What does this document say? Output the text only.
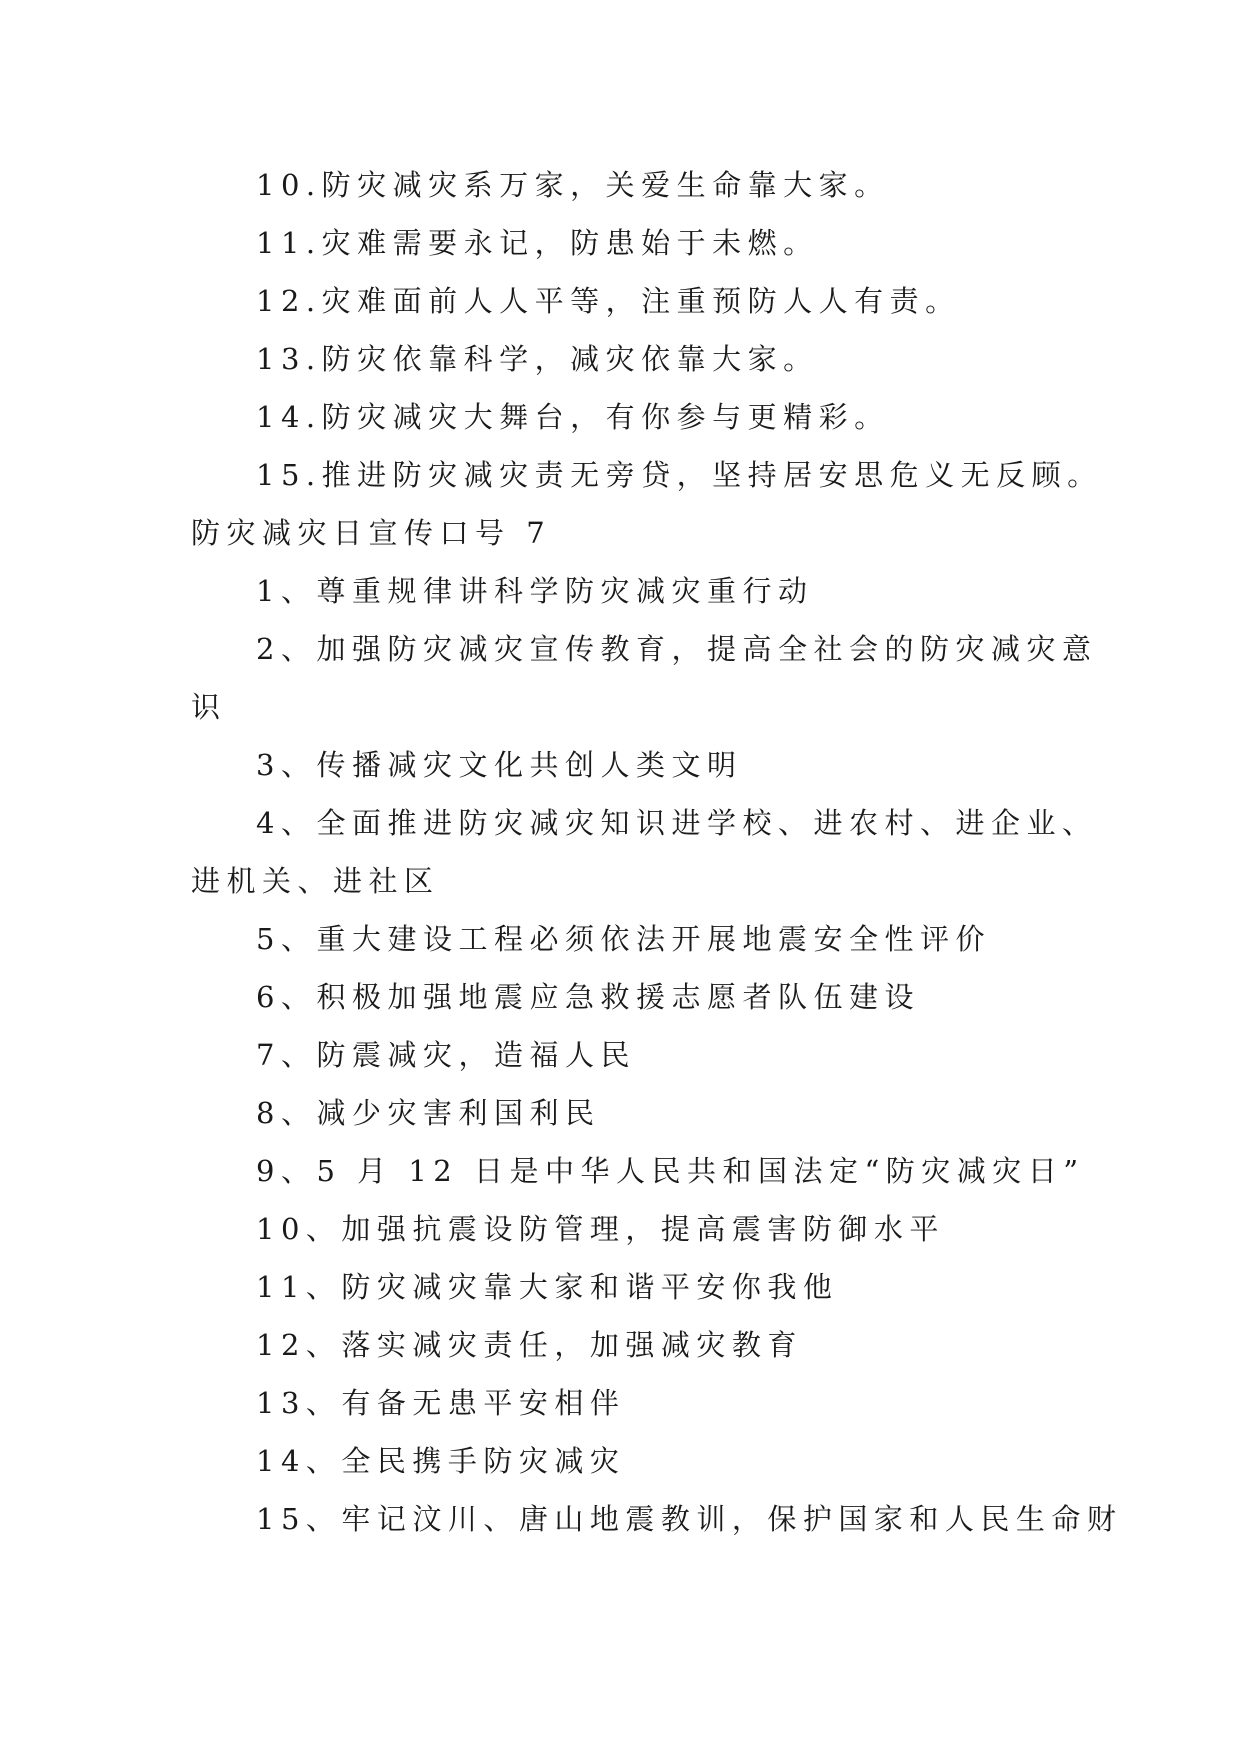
10.防灾减灾系万家，关爱生命靠大家。

11.灾难需要永记，防患始于未燃。

12.灾难面前人人平等，注重预防人人有责。

13.防灾依靠科学，减灾依靠大家。

14.防灾减灾大舞台，有你参与更精彩。

15.推进防灾减灾责无旁贷，坚持居安思危义无反顾。

防灾减灾日宣传口号 7

1、尊重规律讲科学防灾减灾重行动

2、加强防灾减灾宣传教育，提高全社会的防灾减灾意

识

3、传播减灾文化共创人类文明

4、全面推进防灾减灾知识进学校、进农村、进企业、

进机关、进社区

5、重大建设工程必须依法开展地震安全性评价

6、积极加强地震应急救援志愿者队伍建设

7、防震减灾，造福人民

8、减少灾害利国利民

9、5 月 12 日是中华人民共和国法定“防灾减灾日”

10、加强抗震设防管理，提高震害防御水平

11、防灾减灾靠大家和谐平安你我他

12、落实减灾责任，加强减灾教育

13、有备无患平安相伴

14、全民携手防灾减灾

15、牢记汶川、唐山地震教训，保护国家和人民生命财
